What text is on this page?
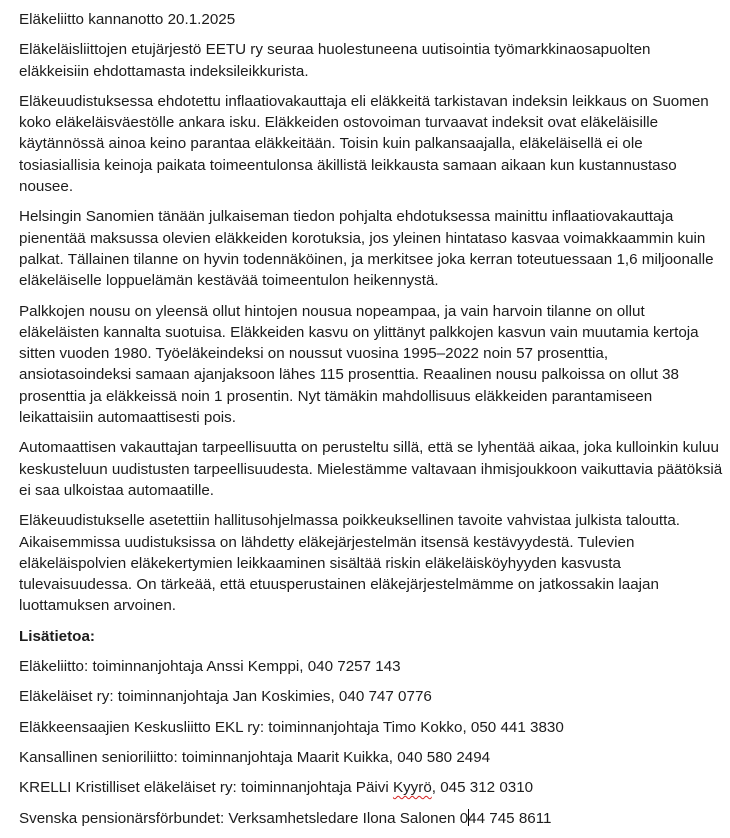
Eläkeliitto kannanotto 20.1.2025

Eläkeläisliittojen etujärjestö EETU ry seuraa huolestuneena uutisointia työmarkkinaosapuolten eläkkeisiin ehdottamasta indeksileikkurista.

Eläkeuudistuksessa ehdotettu inflaatiovakauttaja eli eläkkeitä tarkistavan indeksin leikkaus on Suomen koko eläkeläisväestölle ankara isku. Eläkkeiden ostovoiman turvaavat indeksit ovat eläkeläisille käytännössä ainoa keino parantaa eläkkeitään. Toisin kuin palkansaajalla, eläkeläisellä ei ole tosiasiallisia keinoja paikata toimeentulonsa äkillistä leikkausta samaan aikaan kun kustannustaso nousee.

Helsingin Sanomien tänään julkaiseman tiedon pohjalta ehdotuksessa mainittu inflaatiovakauttaja pienentää maksussa olevien eläkkeiden korotuksia, jos yleinen hintataso kasvaa voimakkaammin kuin palkat. Tällainen tilanne on hyvin todennäköinen, ja merkitsee joka kerran toteutuessaan 1,6 miljoonalle eläkeläiselle loppuelämän kestävää toimeentulon heikennystä.

Palkkojen nousu on yleensä ollut hintojen nousua nopeampaa, ja vain harvoin tilanne on ollut eläkeläisten kannalta suotuisa. Eläkkeiden kasvu on ylittänyt palkkojen kasvun vain muutamia kertoja sitten vuoden 1980. Työeläkeindeksi on noussut vuosina 1995–2022 noin 57 prosenttia, ansiotasoindeksi samaan ajanjaksoon lähes 115 prosenttia. Reaalinen nousu palkoissa on ollut 38 prosenttia ja eläkkeissä noin 1 prosentin. Nyt tämäkin mahdollisuus eläkkeiden parantamiseen leikattaisiin automaattisesti pois.

Automaattisen vakauttajan tarpeellisuutta on perusteltu sillä, että se lyhentää aikaa, joka kulloinkin kuluu keskusteluun uudistusten tarpeellisuudesta. Mielestämme valtavaan ihmisjoukkoon vaikuttavia päätöksiä ei saa ulkoistaa automaatille.

Eläkeuudistukselle asetettiin hallitusohjelmassa poikkeuksellinen tavoite vahvistaa julkista taloutta. Aikaisemmissa uudistuksissa on lähdetty eläkejärjestelmän itsensä kestävyydestä. Tulevien eläkeläispolvien eläkekertymien leikkaaminen sisältää riskin eläkeläisköyhyyden kasvusta tulevaisuudessa. On tärkeää, että etuusperustainen eläkejärjestelmämme on jatkossakin laajan luottamuksen arvoinen.

Lisätietoa:

Eläkeliitto: toiminnanjohtaja Anssi Kemppi, 040 7257 143

Eläkeläiset ry: toiminnanjohtaja Jan Koskimies, 040 747 0776

Eläkkeensaajien Keskusliitto EKL ry: toiminnanjohtaja Timo Kokko, 050 441 3830

Kansallinen senioriliitto: toiminnanjohtaja Maarit Kuikka, 040 580 2494

KRELLI Kristilliset eläkeläiset ry: toiminnanjohtaja Päivi Kyyrö, 045 312 0310

Svenska pensionärsförbundet: Verksamhetsledare Ilona Salonen 044 745 8611
